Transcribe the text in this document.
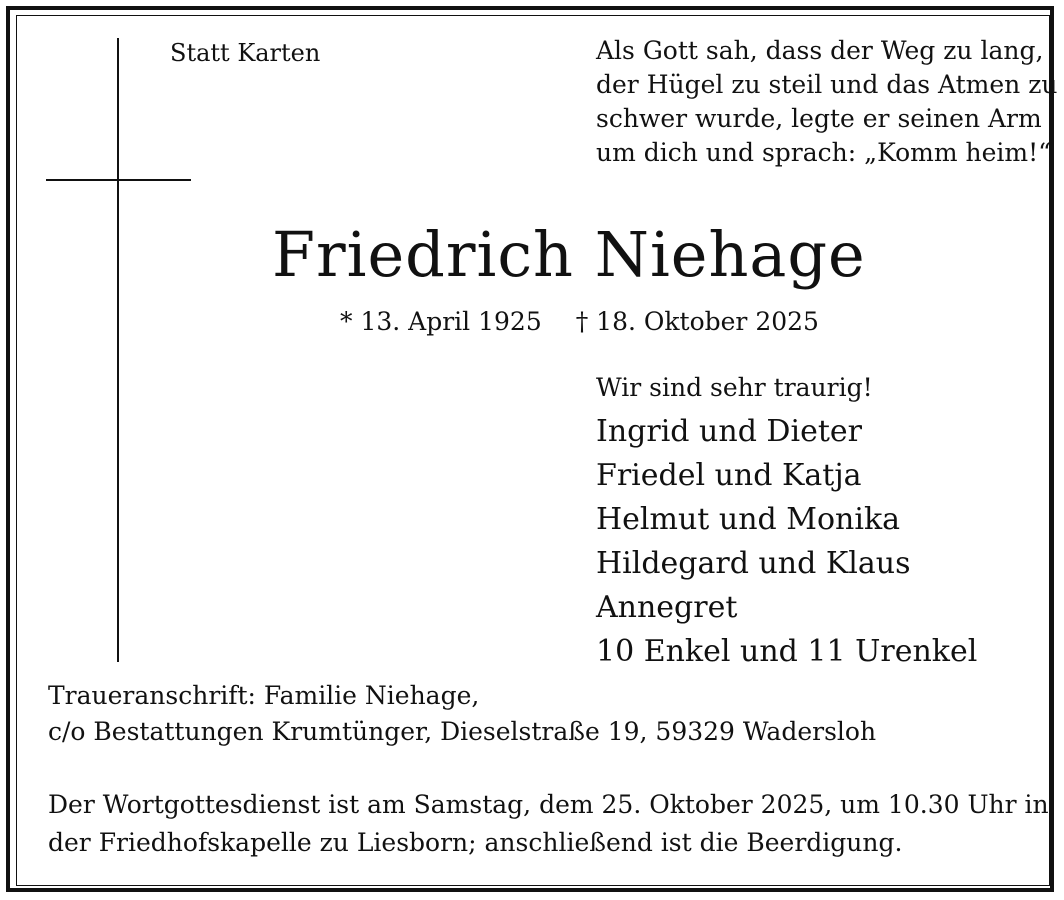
Statt Karten	Als Gott sah, dass der Weg zu lang,
der Hügel zu steil und das Atmen zu
schwer wurde, legte er seinen Arm
um dich und sprach: „Komm heim!“
Friedrich Niehage
* 13. April 1925 † 18. Oktober 2025
Wir sind sehr traurig!
Ingrid und Dieter
Friedel und Katja
Helmut und Monika
Hildegard und Klaus
Annegret
10 Enkel und 11 Urenkel
Traueranschrift: Familie Niehage,
c/o Bestattungen Krumtünger, Dieselstraße 19, 59329 Wadersloh
Der Wortgottesdienst ist am Samstag, dem 25. Oktober 2025, um 10.30 Uhr in
der Friedhofskapelle zu Liesborn; anschließend ist die Beerdigung.
